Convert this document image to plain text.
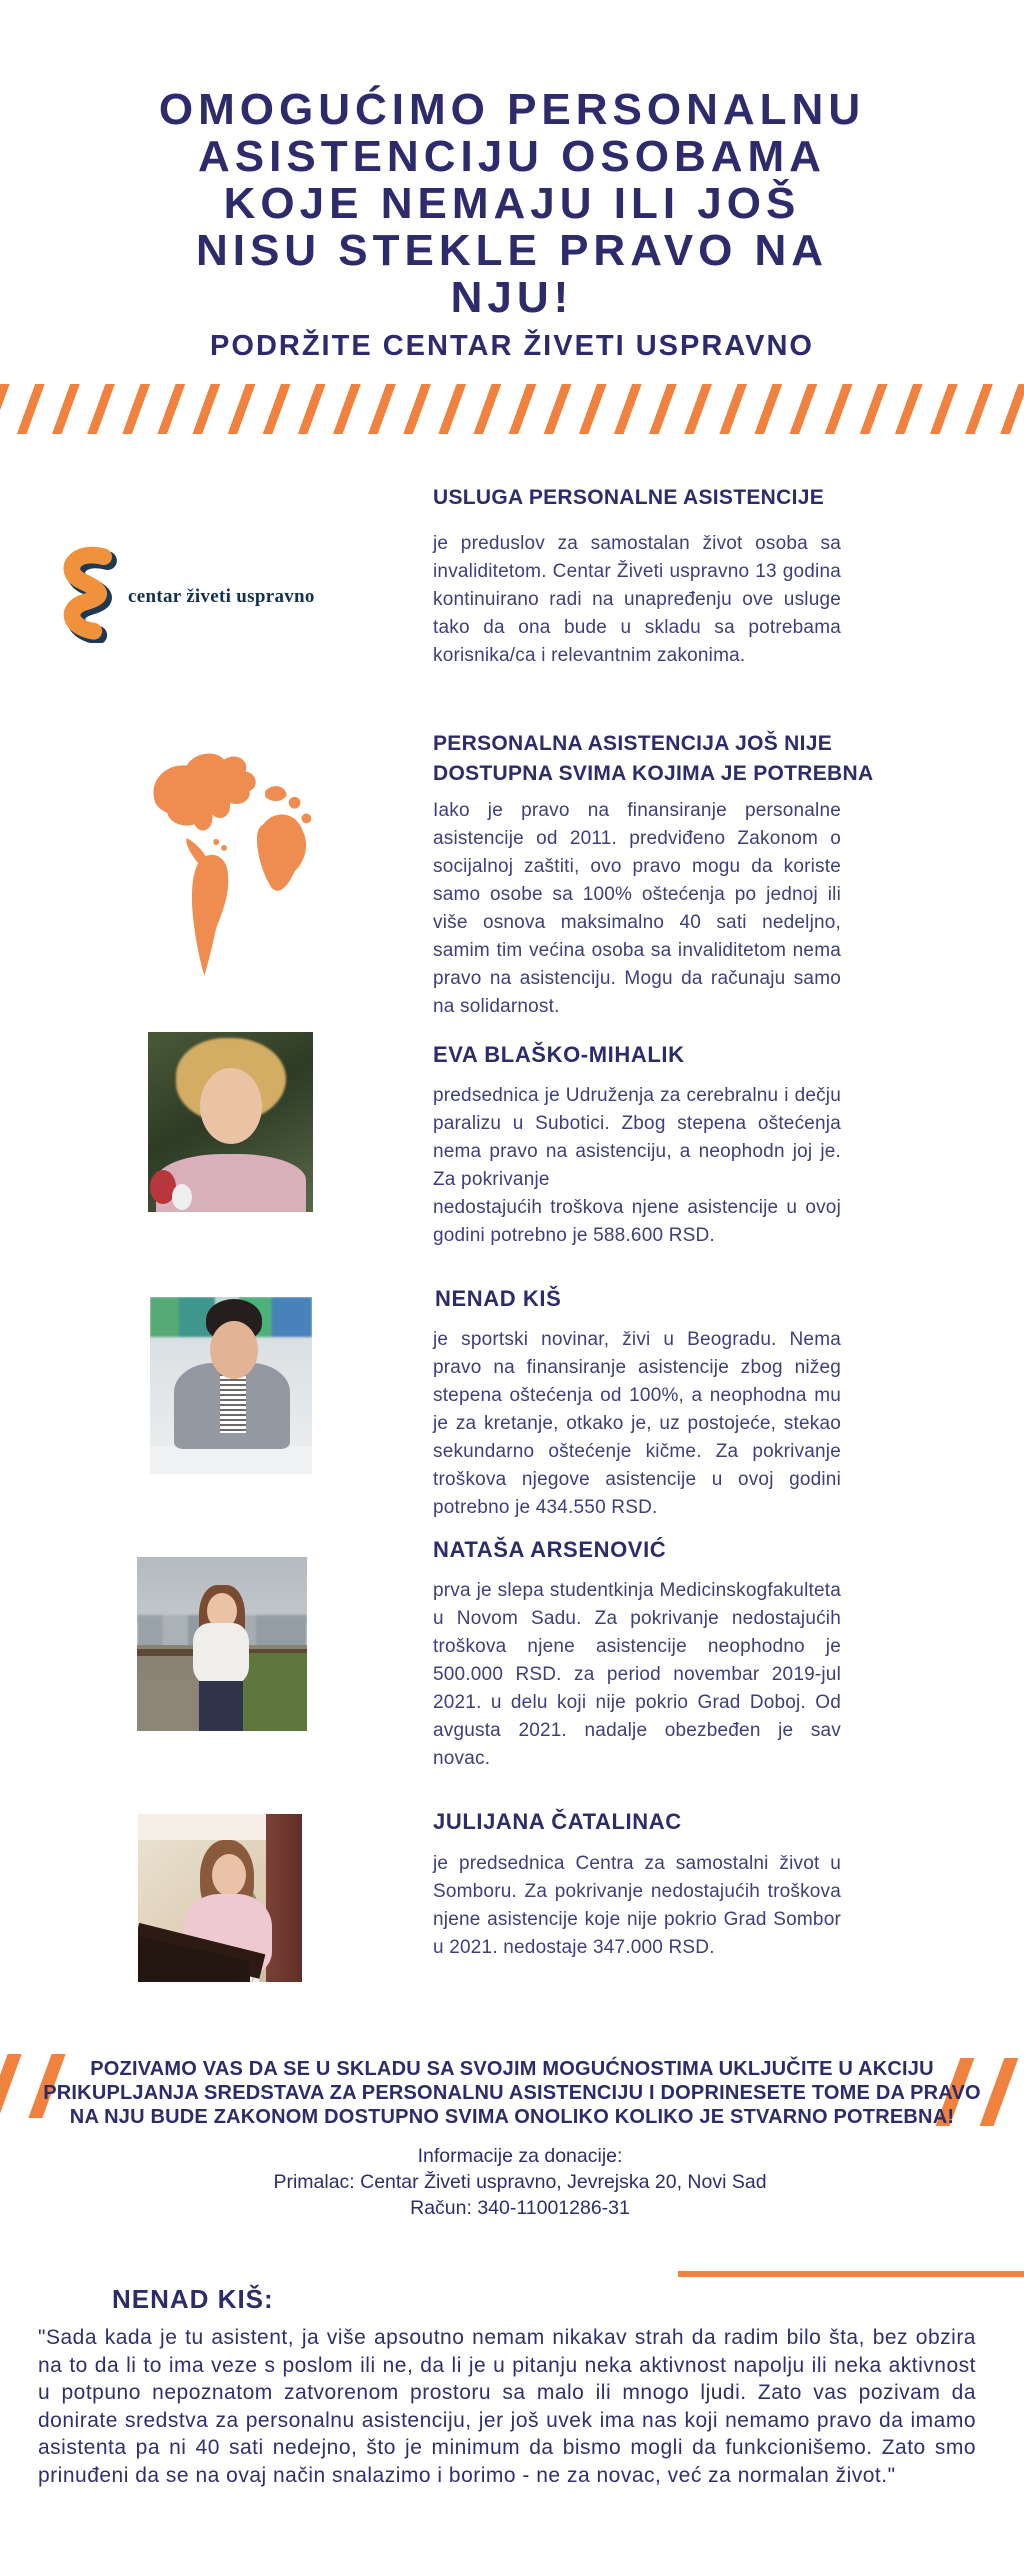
OMOGUĆIMO PERSONALNU
ASISTENCIJU OSOBAMA
KOJE NEMAJU ILI JOŠ
NISU STEKLE PRAVO NA
NJU!
PODRŽITE CENTAR ŽIVETI USPRAVNO
centar živeti uspravno
USLUGA PERSONALNE ASISTENCIJE
je preduslov za samostalan život osoba sa invaliditetom. Centar Živeti uspravno 13 godina kontinuirano radi na unapređenju ove usluge tako da ona bude u skladu sa potrebama korisnika/ca i relevantnim zakonima.
PERSONALNA ASISTENCIJA JOŠ NIJE
DOSTUPNA SVIMA KOJIMA JE POTREBNA
Iako je pravo na finansiranje personalne asistencije od 2011. predviđeno Zakonom o socijalnoj zaštiti, ovo pravo mogu da koriste samo osobe sa 100% oštećenja po jednoj ili više osnova maksimalno 40 sati nedeljno, samim tim većina osoba sa invaliditetom nema pravo na asistenciju. Mogu da računaju samo na solidarnost.
EVA BLAŠKO-MIHALIK
predsednica je Udruženja za cerebralnu i dečju paralizu u Subotici. Zbog stepena oštećenja nema pravo na asistenciju, a neophodn joj je. Za pokrivanje
nedostajućih troškova njene asistencije u ovoj godini potrebno je 588.600 RSD.
NENAD KIŠ
je sportski novinar, živi u Beogradu. Nema pravo na finansiranje asistencije zbog nižeg stepena oštećenja od 100%, a neophodna mu je za kretanje, otkako je, uz postojeće, stekao sekundarno oštećenje kičme. Za pokrivanje troškova njegove asistencije u ovoj godini potrebno je 434.550 RSD.
NATAŠA ARSENOVIĆ
prva je slepa studentkinja Medicinskogfakulteta u Novom Sadu. Za pokrivanje nedostajućih troškova njene asistencije neophodno je 500.000 RSD. za period novembar 2019-jul 2021. u delu koji nije pokrio Grad Doboj. Od avgusta 2021. nadalje obezbeđen je sav novac.
JULIJANA ČATALINAC
je predsednica Centra za samostalni život u Somboru. Za pokrivanje nedostajućih troškova njene asistencije koje nije pokrio Grad Sombor u 2021. nedostaje 347.000 RSD.
POZIVAMO VAS DA SE U SKLADU SA SVOJIM MOGUĆNOSTIMA UKLJUČITE U AKCIJU
PRIKUPLJANJA SREDSTAVA ZA PERSONALNU ASISTENCIJU I DOPRINESETE TOME DA PRAVO
NA NJU BUDE ZAKONOM DOSTUPNO SVIMA ONOLIKO KOLIKO JE STVARNO POTREBNA!
Informacije za donacije:
Primalac: Centar Živeti uspravno, Jevrejska 20, Novi Sad
Račun: 340-11001286-31
NENAD KIŠ:
"Sada kada je tu asistent, ja više apsoutno nemam nikakav strah da radim bilo šta, bez obzira na to da li to ima veze s poslom ili ne, da li je u pitanju neka aktivnost napolju ili neka aktivnost u potpuno nepoznatom zatvorenom prostoru sa malo ili mnogo ljudi. Zato vas pozivam da donirate sredstva za personalnu asistenciju, jer još uvek ima nas koji nemamo pravo da imamo asistenta pa ni 40 sati nedejno, što je minimum da bismo mogli da funkcionišemo. Zato smo prinuđeni da se na ovaj način snalazimo i borimo - ne za novac, već za normalan život."
